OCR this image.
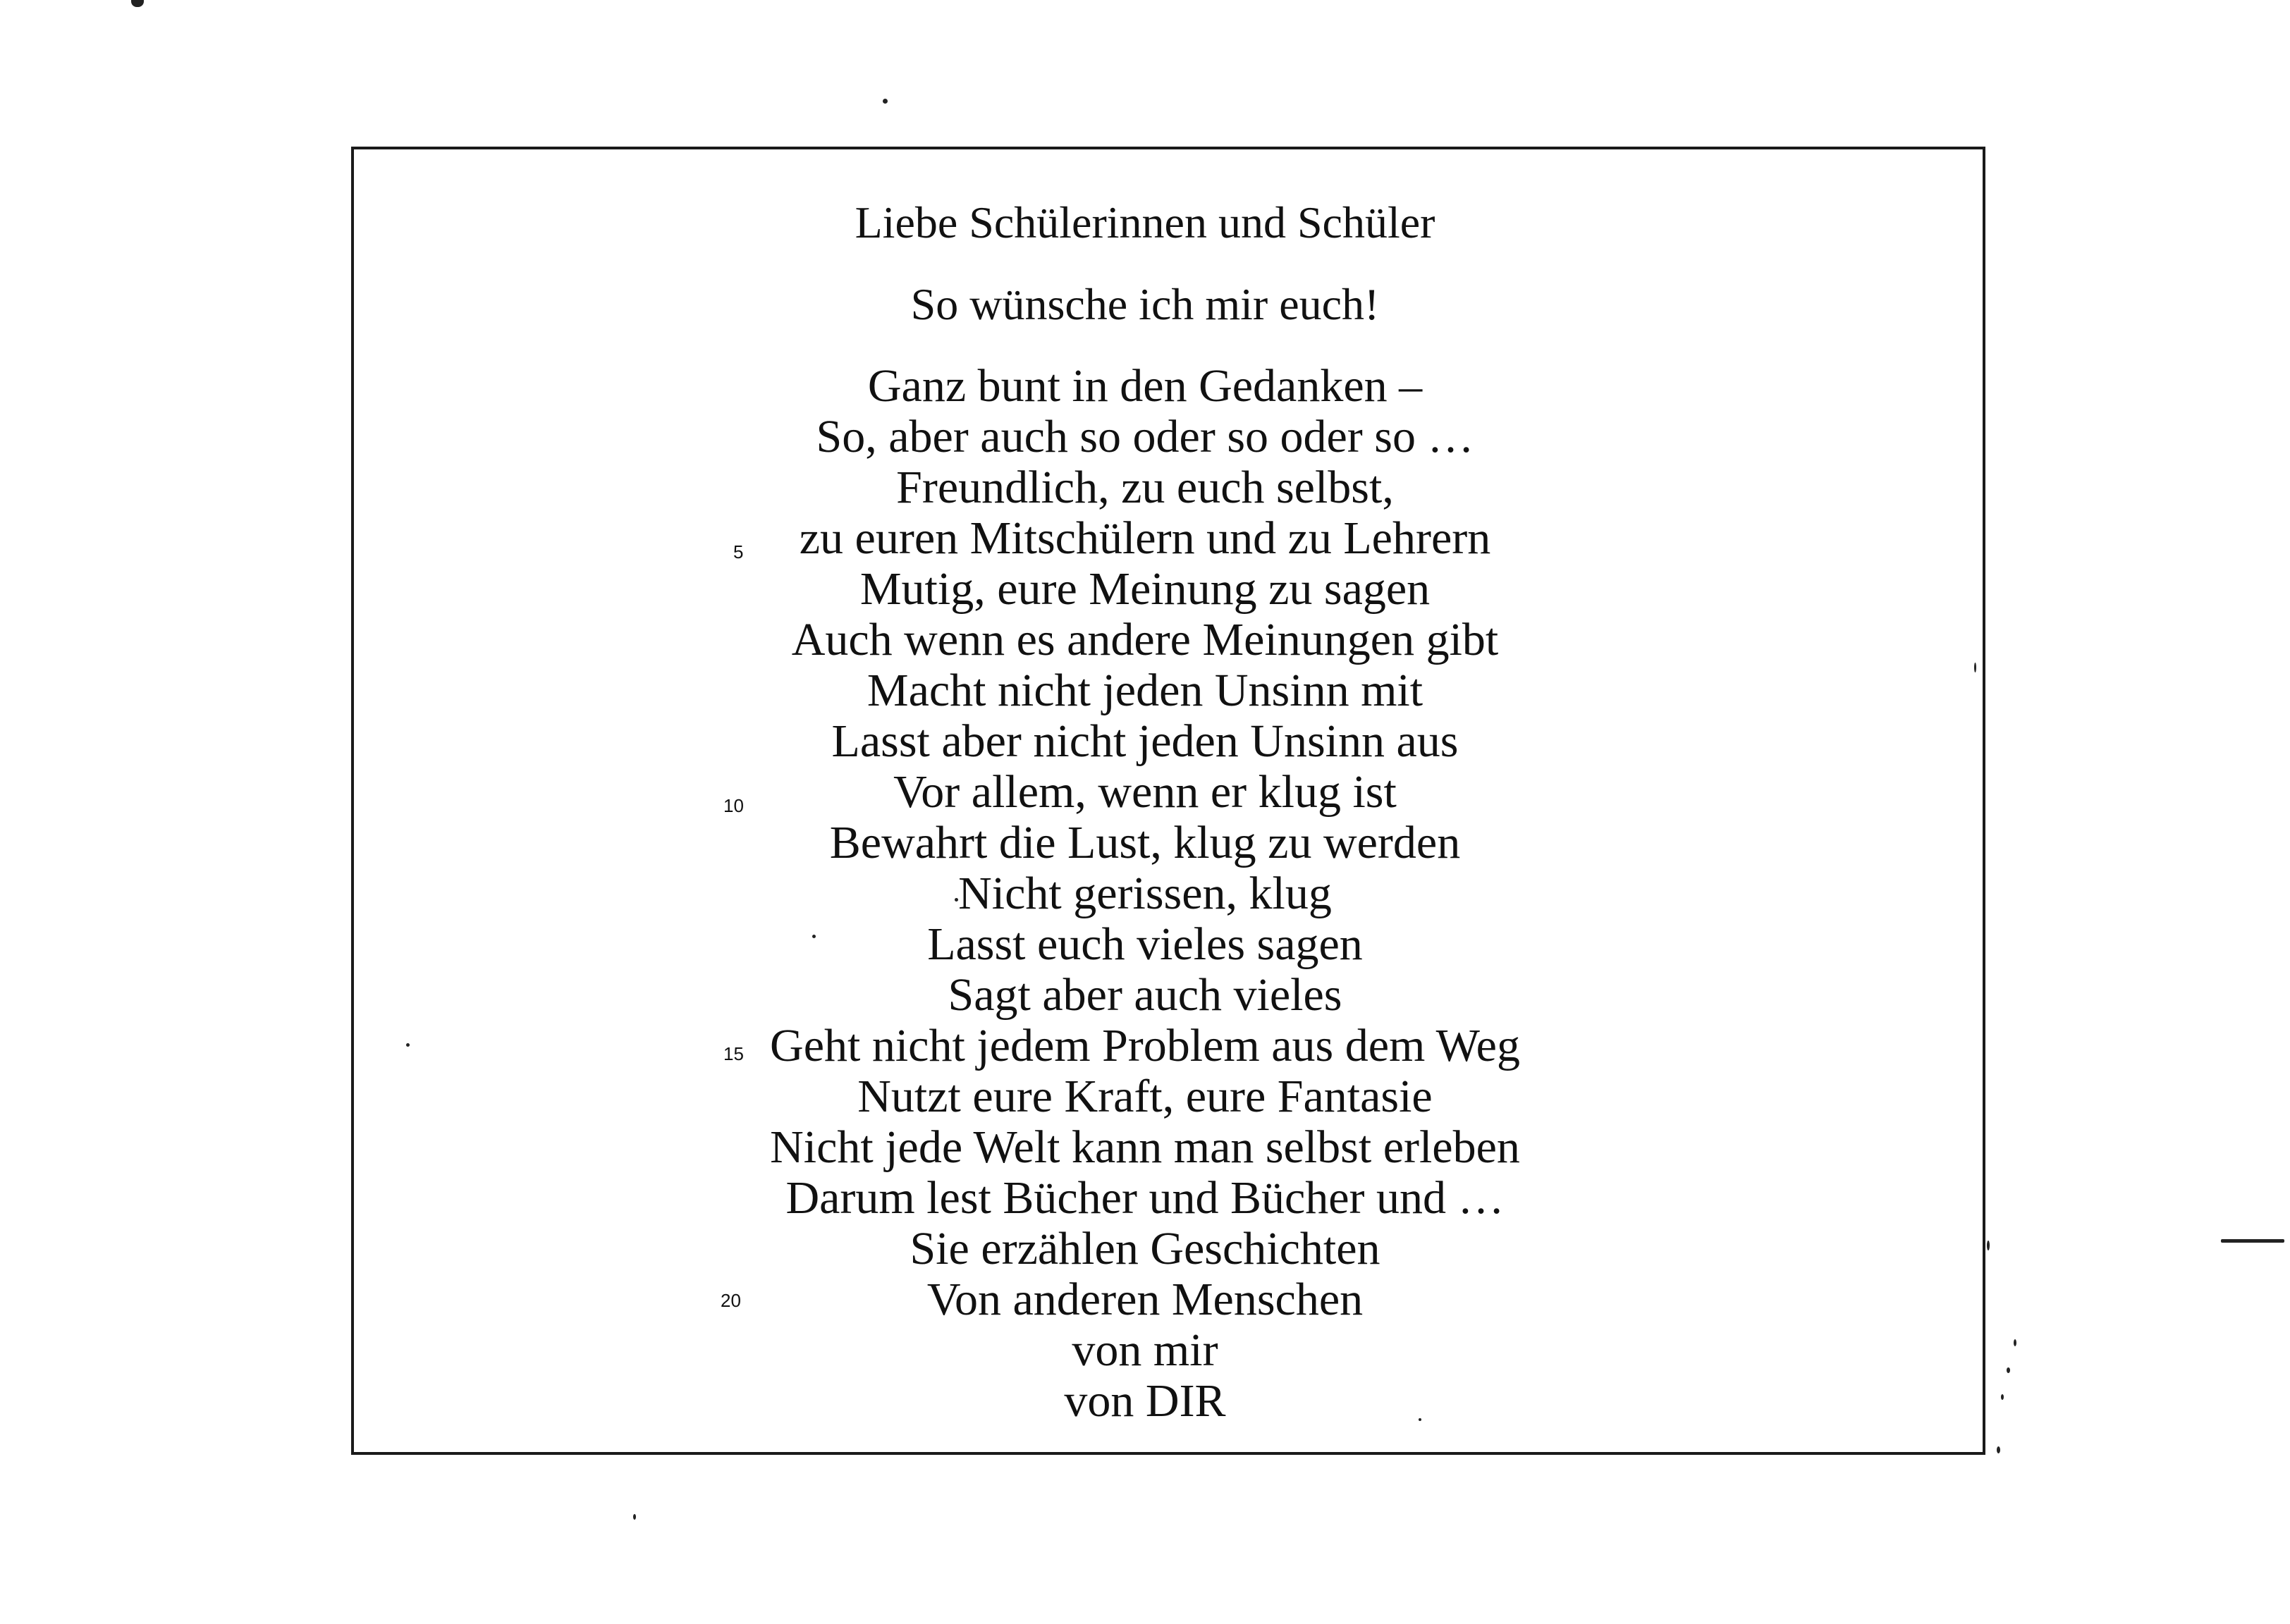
Liebe Schülerinnen und Schüler
So wünsche ich mir euch!
Ganz bunt in den Gedanken –
So, aber auch so oder so oder so …
Freundlich, zu euch selbst,
zu euren Mitschülern und zu Lehrern
Mutig, eure Meinung zu sagen
Auch wenn es andere Meinungen gibt
Macht nicht jeden Unsinn mit
Lasst aber nicht jeden Unsinn aus
Vor allem, wenn er klug ist
Bewahrt die Lust, klug zu werden
Nicht gerissen, klug
Lasst euch vieles sagen
Sagt aber auch vieles
Geht nicht jedem Problem aus dem Weg
Nutzt eure Kraft, eure Fantasie
Nicht jede Welt kann man selbst erleben
Darum lest Bücher und Bücher und …
Sie erzählen Geschichten
Von anderen Menschen
von mir
von DIR
5
10
15
20
